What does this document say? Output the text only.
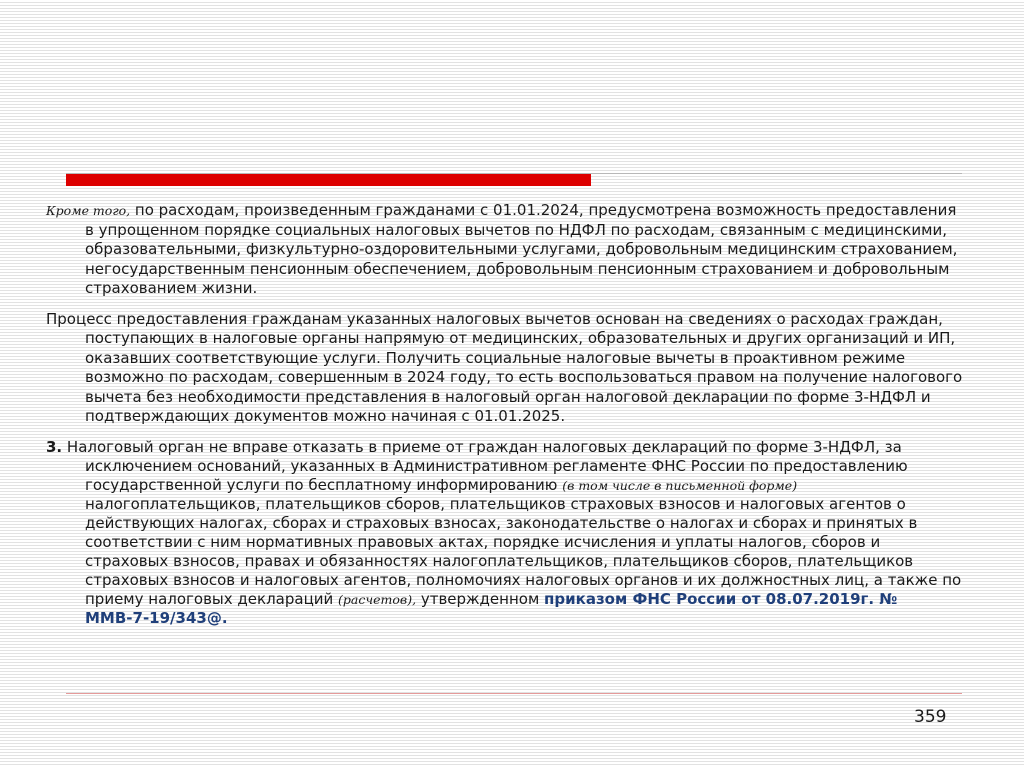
Кроме того, по расходам, произведенным гражданами с 01.01.2024, предусмотрена возможность предоставления в упрощенном порядке социальных налоговых вычетов по НДФЛ по расходам, связанным с медицинскими, образовательными, физкультурно-оздоровительными услугами, добровольным медицинским страхованием, негосударственным пенсионным обеспечением, добровольным пенсионным страхованием и добровольным страхованием жизни.

Процесс предоставления гражданам указанных налоговых вычетов основан на сведениях о расходах граждан, поступающих в налоговые органы напрямую от медицинских, образовательных и других организаций и ИП, оказавших соответствующие услуги. Получить социальные налоговые вычеты в проактивном режиме возможно по расходам, совершенным в 2024 году, то есть воспользоваться правом на получение налогового вычета без необходимости представления в налоговый орган налоговой декларации по форме 3-НДФЛ и подтверждающих документов можно начиная с 01.01.2025.

3. Налоговый орган не вправе отказать в приеме от граждан налоговых деклараций по форме 3-НДФЛ, за исключением оснований, указанных в Административном регламенте ФНС России по предоставлению государственной услуги по бесплатному информированию (в том числе в письменной форме) налогоплательщиков, плательщиков сборов, плательщиков страховых взносов и налоговых агентов о действующих налогах, сборах и страховых взносах, законодательстве о налогах и сборах и принятых в соответствии с ним нормативных правовых актах, порядке исчисления и уплаты налогов, сборов и страховых взносов, правах и обязанностях налогоплательщиков, плательщиков сборов, плательщиков страховых взносов и налоговых агентов, полномочиях налоговых органов и их должностных лиц, а также по приему налоговых деклараций (расчетов), утвержденном приказом ФНС России от 08.07.2019г. № ММВ-7-19/343@.

359
